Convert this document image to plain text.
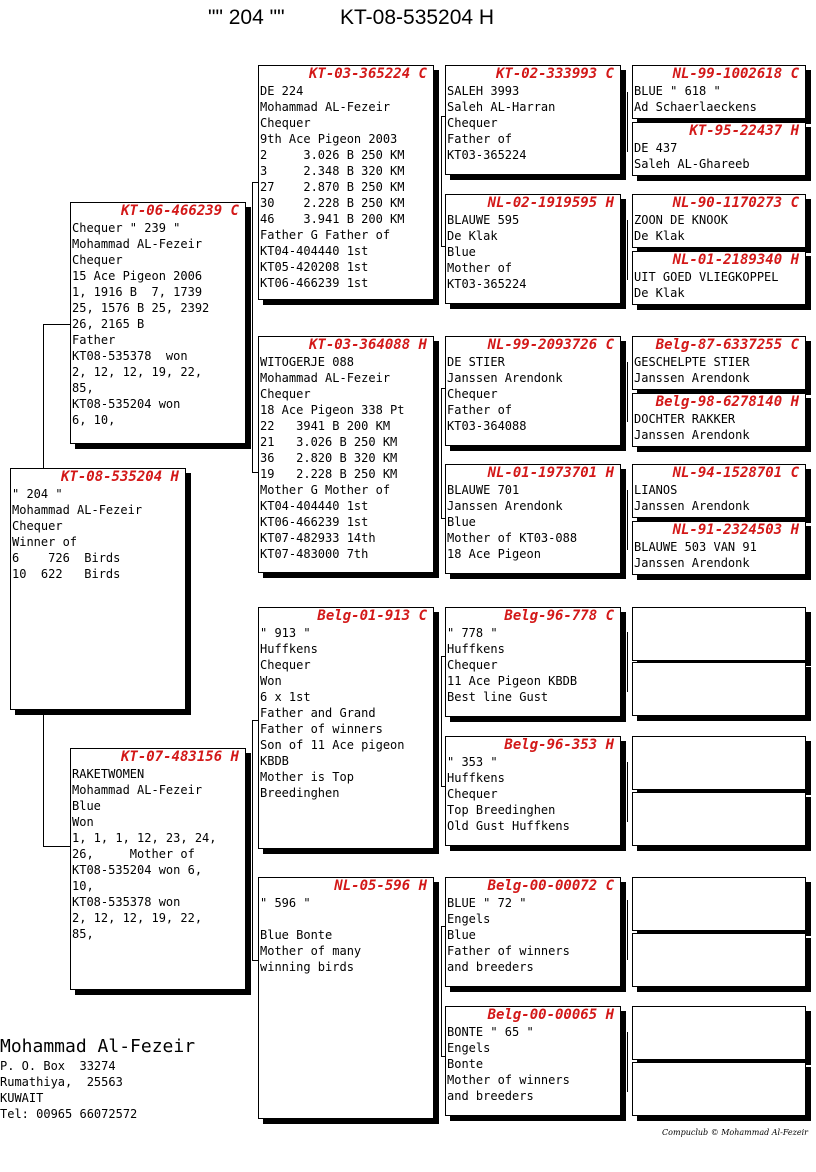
"" 204 ""	KT-08-535204 H
KT-08-535204 H
" 204 "
Mohammad AL-Fezeir
Chequer
Winner of
6    726  Birds
10  622   Birds
KT-06-466239 C
Chequer " 239 "
Mohammad AL-Fezeir
Chequer
15 Ace Pigeon 2006
1, 1916 B  7, 1739
25, 1576 B 25, 2392
26, 2165 B
Father
KT08-535378  won
2, 12, 12, 19, 22,
85,
KT08-535204 won
6, 10,
KT-07-483156 H
RAKETWOMEN
Mohammad AL-Fezeir
Blue
Won
1, 1, 1, 12, 23, 24,
26,     Mother of
KT08-535204 won 6,
10,
KT08-535378 won
2, 12, 12, 19, 22,
85,
KT-03-365224 C
DE 224
Mohammad AL-Fezeir
Chequer
9th Ace Pigeon 2003
2     3.026 B 250 KM
3     2.348 B 320 KM
27    2.870 B 250 KM
30    2.228 B 250 KM
46    3.941 B 200 KM
Father G Father of
KT04-404440 1st
KT05-420208 1st
KT06-466239 1st
KT-03-364088 H
WITOGERJE 088
Mohammad AL-Fezeir
Chequer
18 Ace Pigeon 338 Pt
22   3941 B 200 KM
21   3.026 B 250 KM
36   2.820 B 320 KM
19   2.228 B 250 KM
Mother G Mother of
KT04-404440 1st
KT06-466239 1st
KT07-482933 14th
KT07-483000 7th
Belg-01-913 C
" 913 "
Huffkens
Chequer
Won
6 x 1st
Father and Grand
Father of winners
Son of 11 Ace pigeon
KBDB
Mother is Top
Breedinghen
NL-05-596 H
" 596 "
Blue Bonte
Mother of many
winning birds
KT-02-333993 C
SALEH 3993
Saleh AL-Harran
Chequer
Father of
KT03-365224
NL-02-1919595 H
BLAUWE 595
De Klak
Blue
Mother of
KT03-365224
NL-99-2093726 C
DE STIER
Janssen Arendonk
Chequer
Father of
KT03-364088
NL-01-1973701 H
BLAUWE 701
Janssen Arendonk
Blue
Mother of KT03-088
18 Ace Pigeon
Belg-96-778 C
" 778 "
Huffkens
Chequer
11 Ace Pigeon KBDB
Best line Gust
Belg-96-353 H
" 353 "
Huffkens
Chequer
Top Breedinghen
Old Gust Huffkens
Belg-00-00072 C
BLUE " 72 "
Engels
Blue
Father of winners
and breeders
Belg-00-00065 H
BONTE " 65 "
Engels
Bonte
Mother of winners
and breeders
NL-99-1002618 C
BLUE " 618 "
Ad Schaerlaeckens
KT-95-22437 H
DE 437
Saleh AL-Ghareeb
NL-90-1170273 C
ZOON DE KNOOK
De Klak
NL-01-2189340 H
UIT GOED VLIEGKOPPEL
De Klak
Belg-87-6337255 C
GESCHELPTE STIER
Janssen Arendonk
Belg-98-6278140 H
DOCHTER RAKKER
Janssen Arendonk
NL-94-1528701 C
LIANOS
Janssen Arendonk
NL-91-2324503 H
BLAUWE 503 VAN 91
Janssen Arendonk
Mohammad Al-Fezeir
P. O. Box  33274
Rumathiya,  25563
KUWAIT
Tel: 00965 66072572
Compuclub © Mohammad Al-Fezeir
